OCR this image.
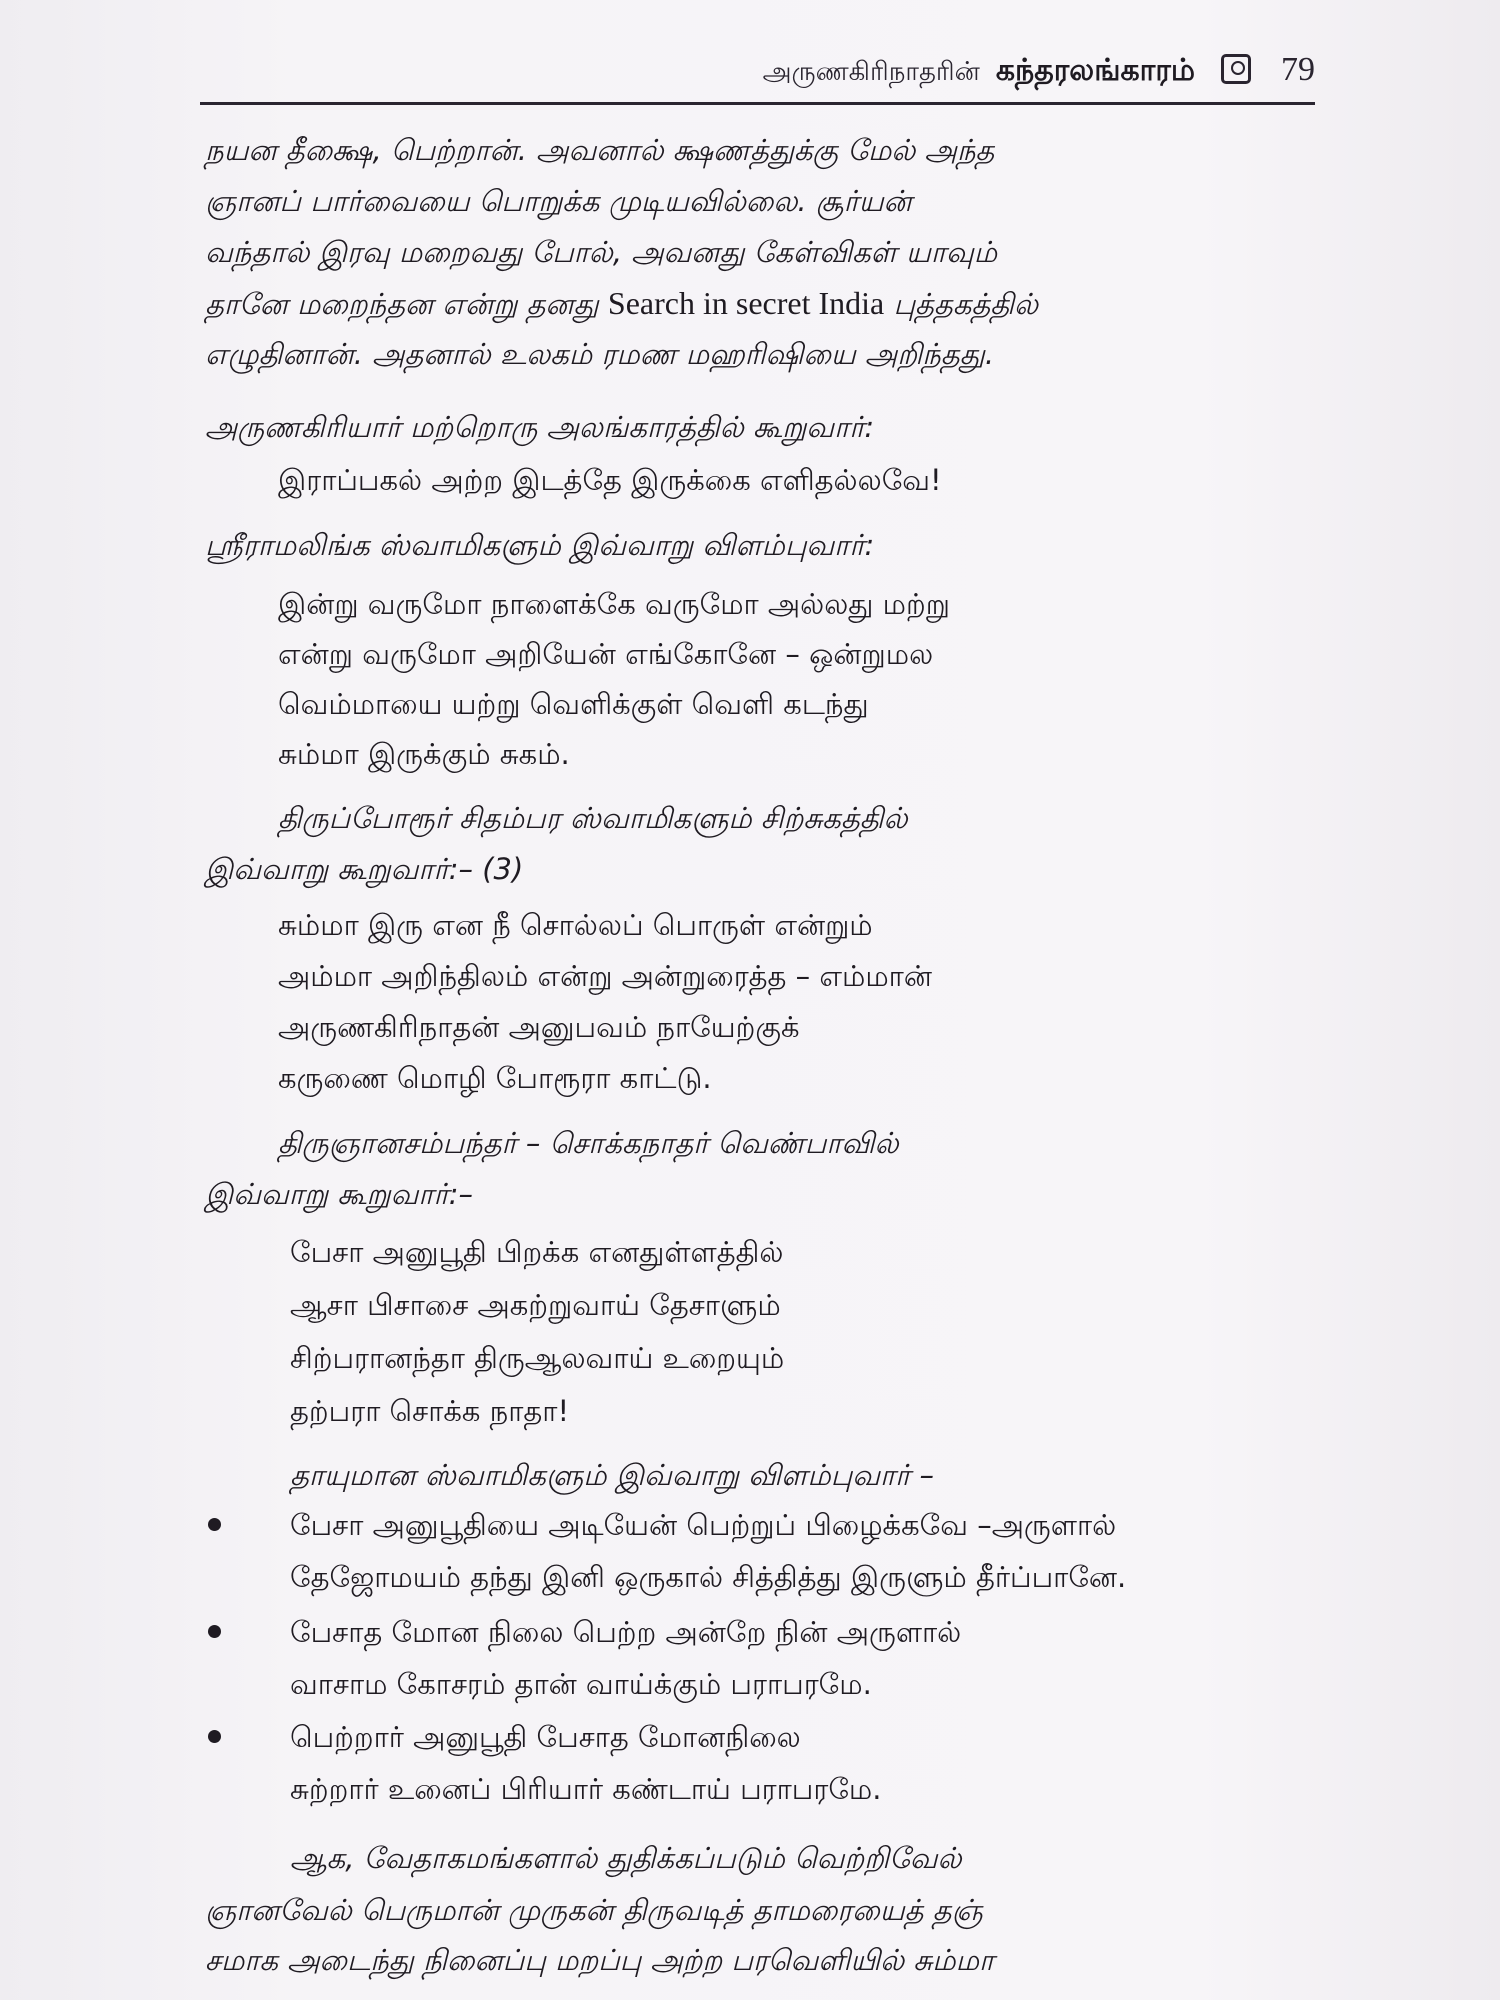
அருணகிரிநாதரின் கந்தரலங்காரம்	79
நயன தீக்ஷை, பெற்றான். அவனால் க்ஷணத்துக்கு மேல் அந்த
ஞானப் பார்வையை பொறுக்க முடியவில்லை. சூர்யன்
வந்தால் இரவு மறைவது போல், அவனது கேள்விகள் யாவும்
தானே மறைந்தன என்று தனது Search in secret India புத்தகத்தில்
எழுதினான். அதனால் உலகம் ரமண மஹரிஷியை அறிந்தது.
அருணகிரியார் மற்றொரு அலங்காரத்தில் கூறுவார்:
இராப்பகல் அற்ற இடத்தே இருக்கை எளிதல்லவே!
ஸ்ரீராமலிங்க ஸ்வாமிகளும் இவ்வாறு விளம்புவார்:
இன்று வருமோ நாளைக்கே வருமோ அல்லது மற்று
என்று வருமோ அறியேன் எங்கோனே – ஒன்றுமல
வெம்மாயை யற்று வெளிக்குள் வெளி கடந்து
சும்மா இருக்கும் சுகம்.
திருப்போரூர் சிதம்பர ஸ்வாமிகளும் சிற்சுகத்தில்
இவ்வாறு கூறுவார்:– (3)
சும்மா இரு என நீ சொல்லப் பொருள் என்றும்
அம்மா அறிந்திலம் என்று அன்றுரைத்த – எம்மான்
அருணகிரிநாதன் அனுபவம் நாயேற்குக்
கருணை மொழி போரூரா காட்டு.
திருஞானசம்பந்தர் – சொக்கநாதர் வெண்பாவில்
இவ்வாறு கூறுவார்:–
பேசா அனுபூதி பிறக்க எனதுள்ளத்தில்
ஆசா பிசாசை அகற்றுவாய் தேசாளும்
சிற்பரானந்தா திருஆலவாய் உறையும்
தற்பரா சொக்க நாதா!
தாயுமான ஸ்வாமிகளும் இவ்வாறு விளம்புவார் –
பேசா அனுபூதியை அடியேன் பெற்றுப் பிழைக்கவே –அருளால்
தேஜோமயம் தந்து இனி ஒருகால் சித்தித்து இருளும் தீர்ப்பானே.
பேசாத மோன நிலை பெற்ற அன்றே நின் அருளால்
வாசாம கோசரம் தான் வாய்க்கும் பராபரமே.
பெற்றார் அனுபூதி பேசாத மோனநிலை
சுற்றார் உனைப் பிரியார் கண்டாய் பராபரமே.
ஆக, வேதாகமங்களால் துதிக்கப்படும் வெற்றிவேல்
ஞானவேல் பெருமான் முருகன் திருவடித் தாமரையைத் தஞ்
சமாக அடைந்து நினைப்பு மறப்பு அற்ற பரவெளியில் சும்மா
